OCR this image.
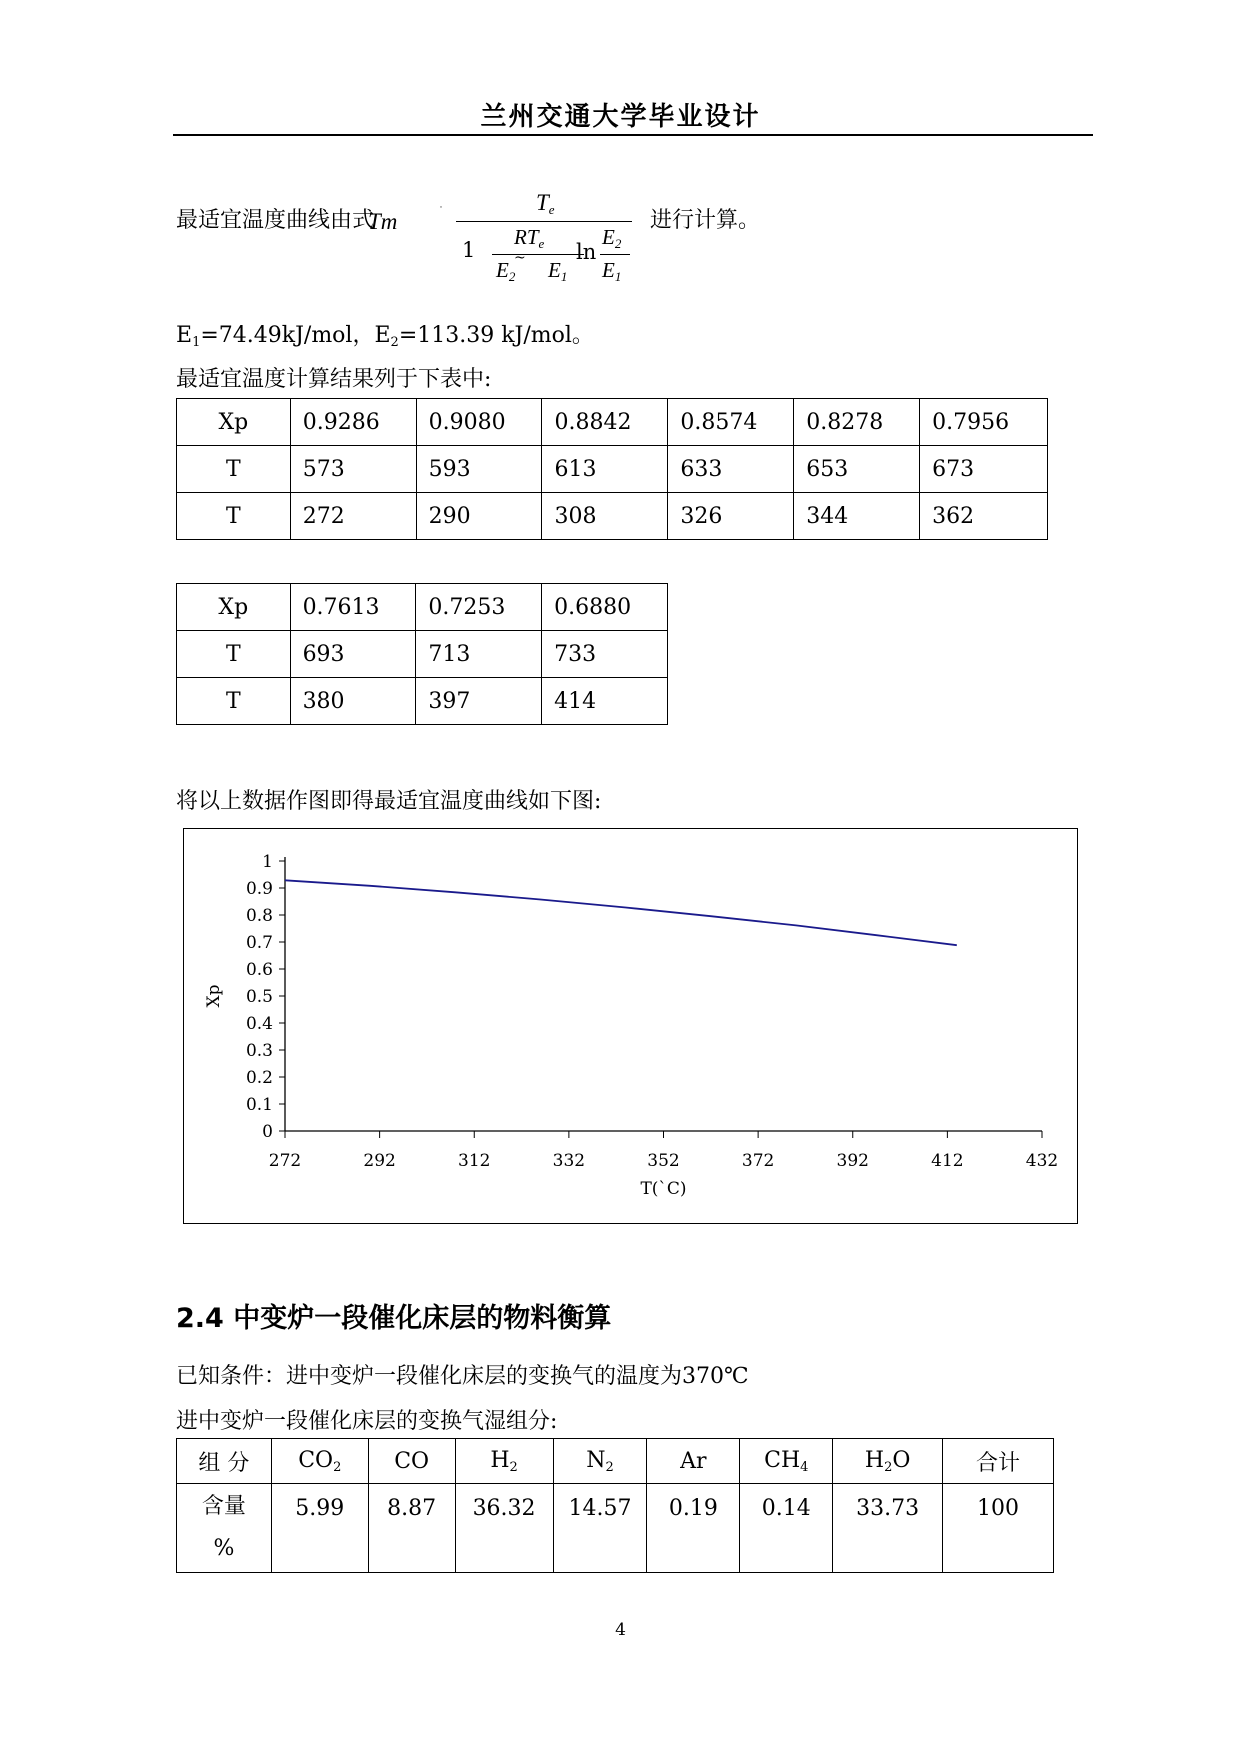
兰州交通大学毕业设计
最适宜温度曲线由式
Tm
$T_e$
1
$RT_e$
$E_2$
~ $E_1$
ln
$E_2$
$E_1$
进行计算。
$E_1=74.49kJ$/mol，$E_2=113.39$ kJ/mol。
最适宜温度计算结果列于下表中:
Xp	0.9286	0.9080	0.8842	0.8574	0.8278	0.7956
T	573	593	613	633	653	673
T	272	290	308	326	344	362
Xp	0.7613	0.7253	0.6880
T	693	713	733
T	380	397	414
将以上数据作图即得最适宜温度曲线如下图:
0
0.1
0.2
0.3
0.4
0.5
0.6
0.7
0.8
0.9
1
272	292	312	332	352	372	392	412	432
T(`C)
Xp
2.4 中变炉一段催化床层的物料衡算
已知条件：进中变炉一段催化床层的变换气的温度为370℃
进中变炉一段催化床层的变换气湿组分:
组 分	$CO_2$	CO	$H_2$	$N_2$	Ar	$CH_4$	$H_2O$	合计

含量
%	5.99	8.87	36.32	14.57	0.19	0.14	33.73	100
4
